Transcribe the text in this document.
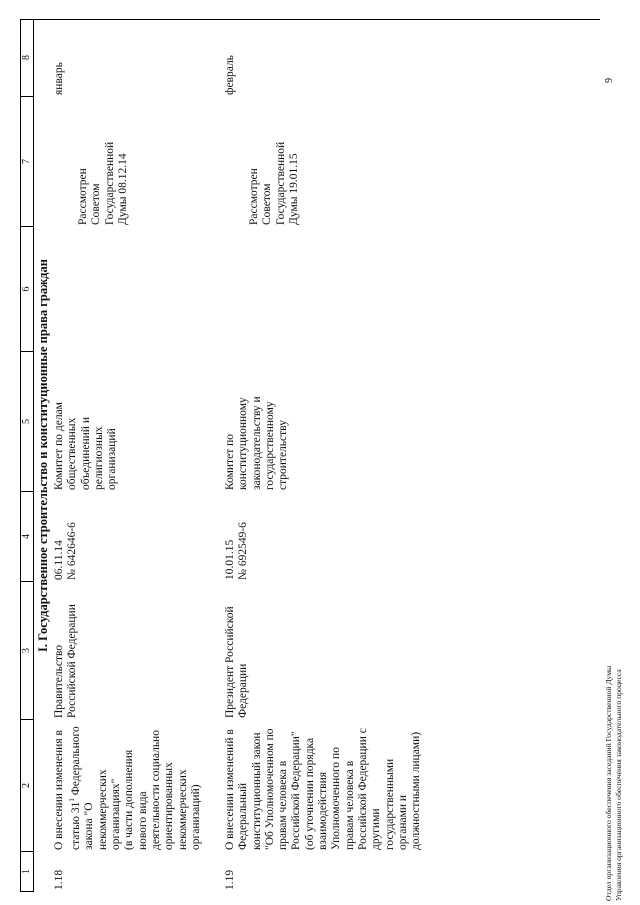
1
2
3
4
5
6
7
8
I. Государственное строительство и конституционные права граждан
1.18
О внесении изменения в статью $31^1$ Федерального
закона "О некоммерческих организациях" (в части дополнения нового вида деятельности социально ориентированных некоммерческих организаций)
Правительство Российской Федерации
06.11.14 № 642646-6
Комитет по делам общественных объединений и религиозных организаций
Рассмотрен Советом Государственной Думы 08.12.14
январь
1.19
О внесении изменений в Федеральный конституционный закон "Об Уполномоченном по правам человека в Российской Федерации" (об уточнении порядка взаимодействия Уполномоченного по правам человека в Российской Федерации с другими государственными органами и должностными лицами)
Президент Российской Федерации
10.01.15 № 692549-6
Комитет по конституционному законодательству и государственному строительству
Рассмотрен Советом Государственной Думы 19.01.15
февраль
Отдел организационного обеспечения заседаний Государственной Думы Управления организационного обеспечения законодательного процесса
9
